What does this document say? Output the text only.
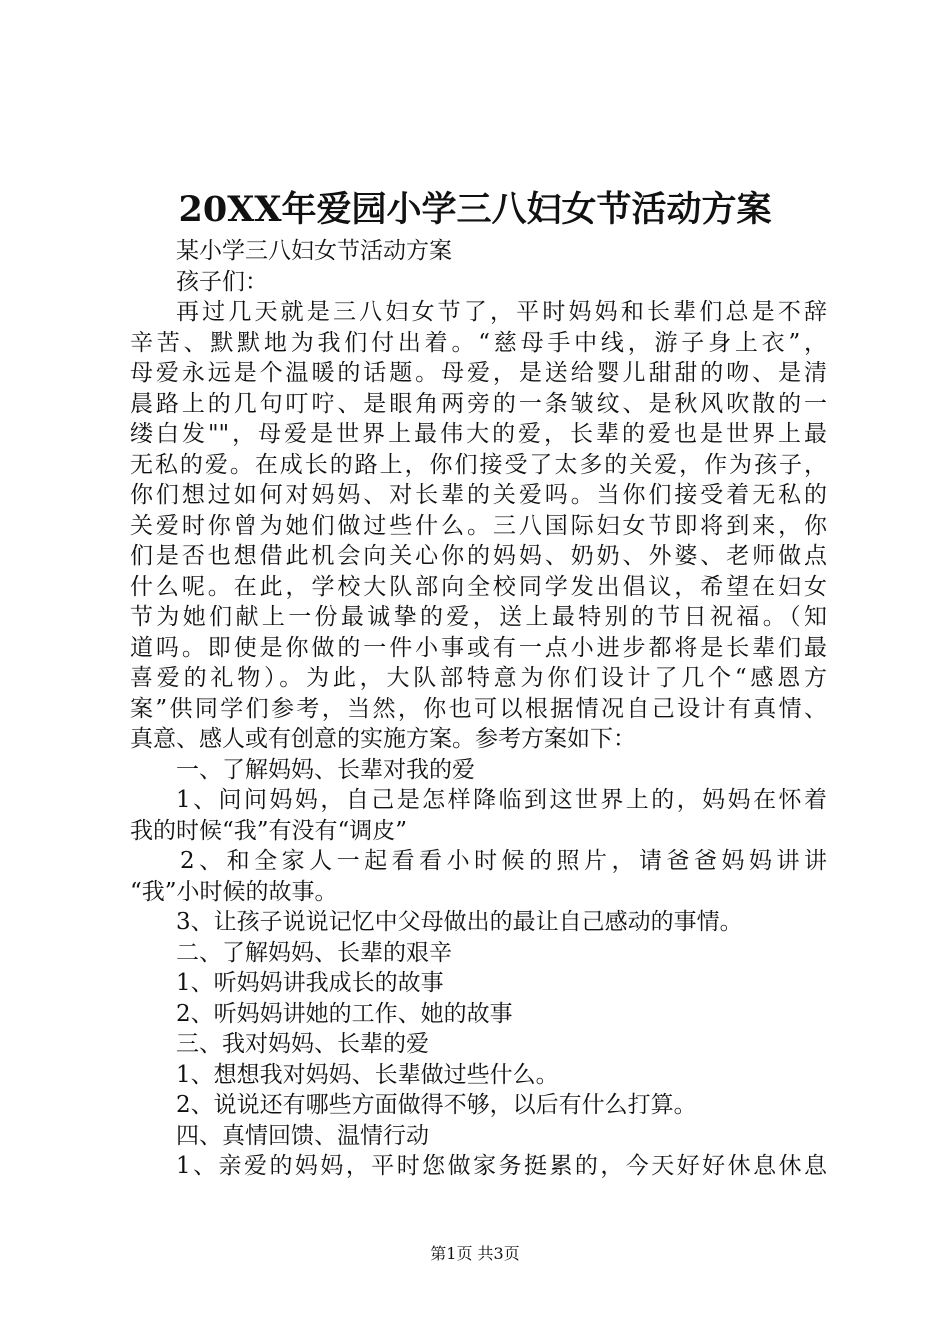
20XX年爱园小学三八妇女节活动方案
某小学三八妇女节活动方案
孩子们：
再过几天就是三八妇女节了，平时妈妈和长辈们总是不辞
辛苦、默默地为我们付出着。“慈母手中线，游子身上衣”，
母爱永远是个温暖的话题。母爱，是送给婴儿甜甜的吻、是清
晨路上的几句叮咛、是眼角两旁的一条皱纹、是秋风吹散的一
缕白发""，母爱是世界上最伟大的爱，长辈的爱也是世界上最
无私的爱。在成长的路上，你们接受了太多的关爱，作为孩子，
你们想过如何对妈妈、对长辈的关爱吗。当你们接受着无私的
关爱时你曾为她们做过些什么。三八国际妇女节即将到来，你
们是否也想借此机会向关心你的妈妈、奶奶、外婆、老师做点
什么呢。在此，学校大队部向全校同学发出倡议，希望在妇女
节为她们献上一份最诚挚的爱，送上最特别的节日祝福。（知
道吗。即使是你做的一件小事或有一点小进步都将是长辈们最
喜爱的礼物）。为此，大队部特意为你们设计了几个“感恩方
案”供同学们参考，当然，你也可以根据情况自己设计有真情、
真意、感人或有创意的实施方案。参考方案如下：
一、了解妈妈、长辈对我的爱
1、问问妈妈，自己是怎样降临到这世界上的，妈妈在怀着
我的时候“我”有没有“调皮”
2、和全家人一起看看小时候的照片，请爸爸妈妈讲讲
“我”小时候的故事。
3、让孩子说说记忆中父母做出的最让自己感动的事情。
二、了解妈妈、长辈的艰辛
1、听妈妈讲我成长的故事
2、听妈妈讲她的工作、她的故事
三、我对妈妈、长辈的爱
1、想想我对妈妈、长辈做过些什么。
2、说说还有哪些方面做得不够，以后有什么打算。
四、真情回馈、温情行动
1、亲爱的妈妈，平时您做家务挺累的，今天好好休息休息
第1页 共3页
